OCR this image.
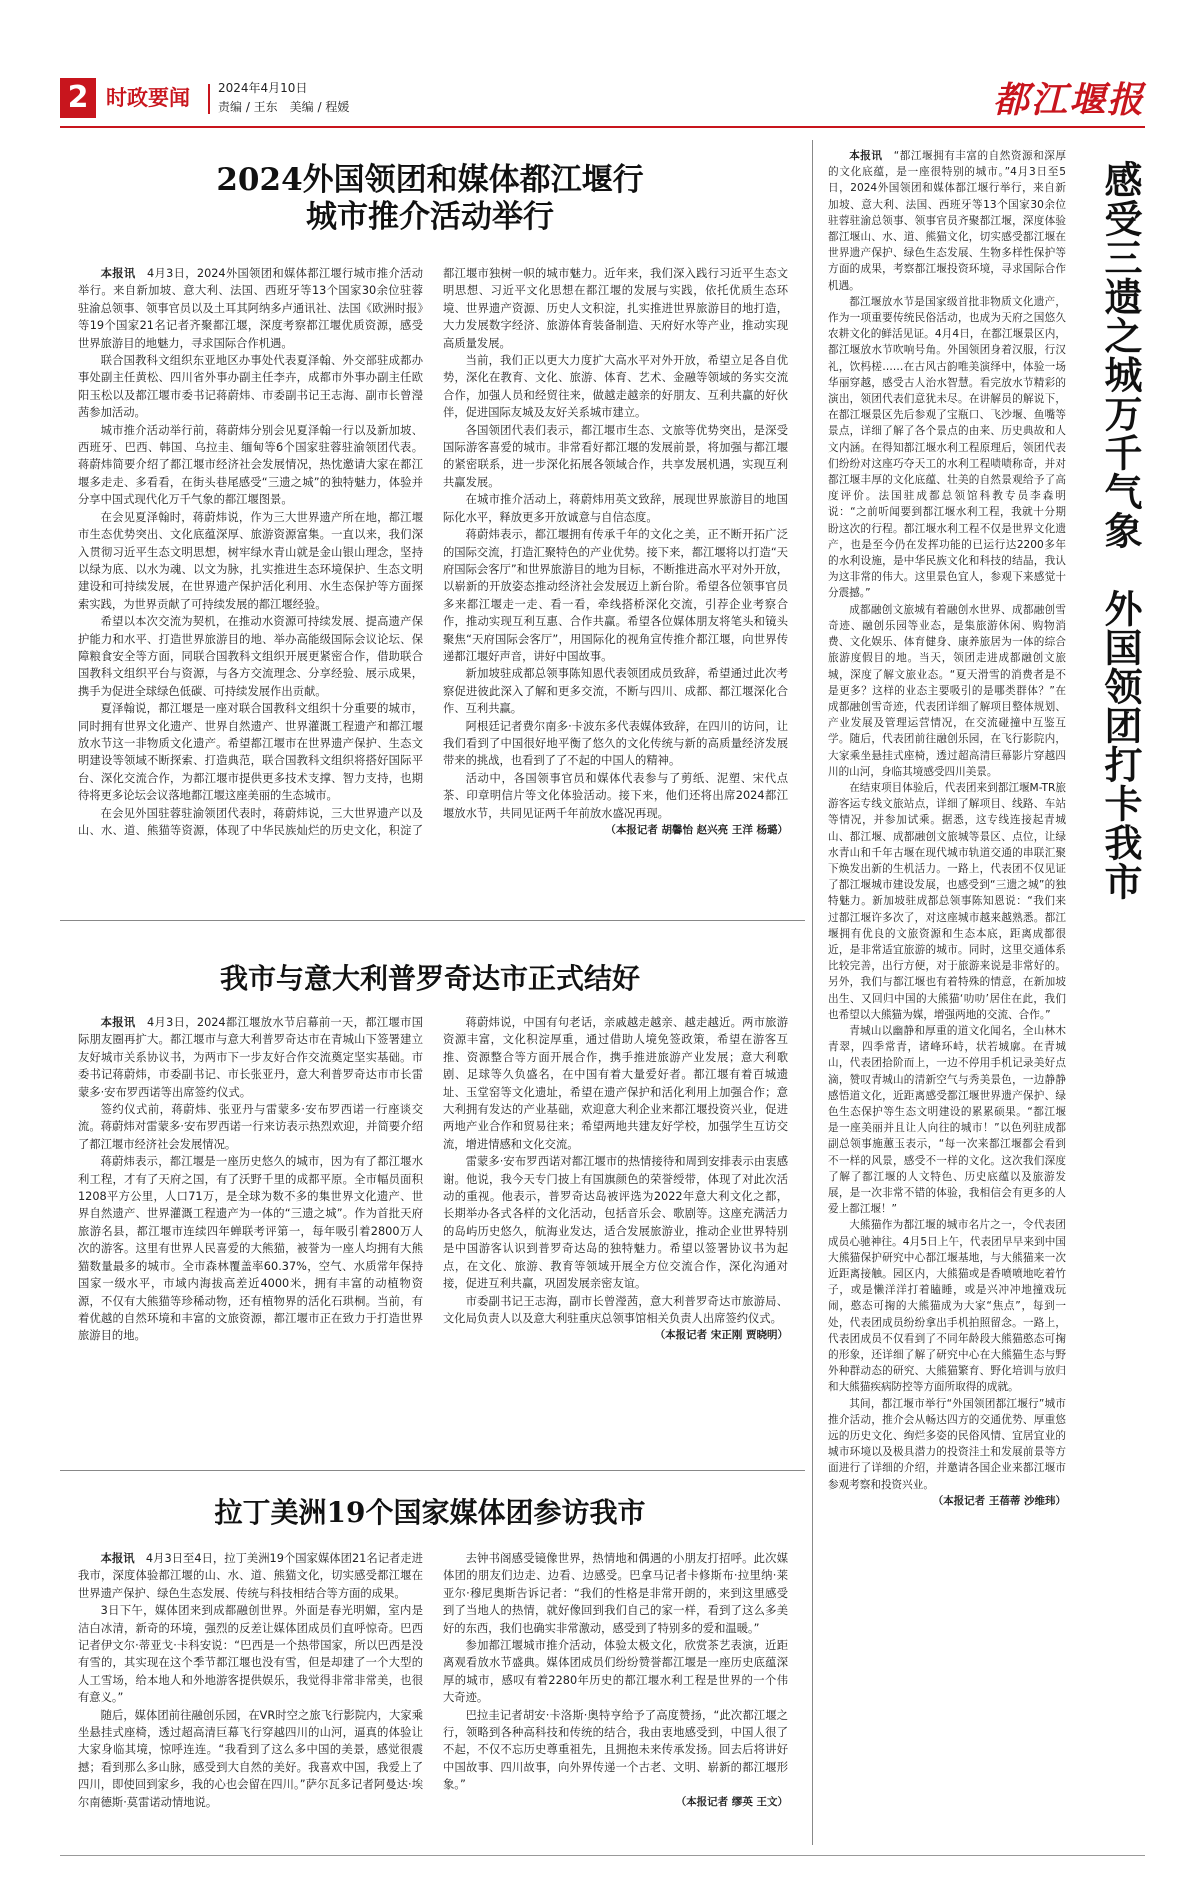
2 时政要闻 2024年4月10日
责编 / 王东　美编 / 程媛	都江堰报
2024外国领团和媒体都江堰行
城市推介活动举行

本报讯　4月3日，2024外国领团和媒体都江堰行城市推介活动举行。来自新加坡、意大利、法国、西班牙等13个国家30余位驻蓉驻渝总领事、领事官员以及土耳其阿纳多卢通讯社、法国《欧洲时报》等19个国家21名记者齐聚都江堰，深度考察都江堰优质资源，感受世界旅游目的地魅力，寻求国际合作机遇。

联合国教科文组织东亚地区办事处代表夏泽翰、外交部驻成都办事处副主任黄松、四川省外事办副主任李卉，成都市外事办副主任欧阳玉松以及都江堰市委书记蒋蔚炜、市委副书记王志海、副市长曾瀅茜参加活动。

城市推介活动举行前，蒋蔚炜分别会见夏泽翰一行以及新加坡、西班牙、巴西、韩国、乌拉圭、缅甸等6个国家驻蓉驻渝领团代表。蒋蔚炜简要介绍了都江堰市经济社会发展情况，热忱邀请大家在都江堰多走走、多看看，在街头巷尾感受“三遗之城”的独特魅力，体验并分享中国式现代化万千气象的都江堰图景。

在会见夏泽翰时，蒋蔚炜说，作为三大世界遗产所在地，都江堰市生态优势突出、文化底蕴深厚、旅游资源富集。一直以来，我们深入贯彻习近平生态文明思想，树牢绿水青山就是金山银山理念，坚持以绿为底、以水为魂、以文为脉，扎实推进生态环境保护、生态文明建设和可持续发展，在世界遗产保护活化利用、水生态保护等方面探索实践，为世界贡献了可持续发展的都江堰经验。

希望以本次交流为契机，在推动水资源可持续发展、提高遗产保护能力和水平、打造世界旅游目的地、举办高能级国际会议论坛、保障粮食安全等方面，同联合国教科文组织开展更紧密合作，借助联合国教科文组织平台与资源，与各方交流理念、分享经验、展示成果，携手为促进全球绿色低碳、可持续发展作出贡献。

夏泽翰说，都江堰是一座对联合国教科文组织十分重要的城市，同时拥有世界文化遗产、世界自然遗产、世界灌溉工程遗产和都江堰放水节这一非物质文化遗产。希望都江堰市在世界遗产保护、生态文明建设等领域不断探索、打造典范，联合国教科文组织将搭好国际平台、深化交流合作，为都江堰市提供更多技术支撑、智力支持，也期待将更多论坛会议落地都江堰这座美丽的生态城市。

在会见外国驻蓉驻渝领团代表时，蒋蔚炜说，三大世界遗产以及山、水、道、熊猫等资源，体现了中华民族灿烂的历史文化，积淀了都江堰市独树一帜的城市魅力。近年来，我们深入践行习近平生态文明思想、习近平文化思想在都江堰的发展与实践，依托优质生态环境、世界遗产资源、历史人文积淀，扎实推进世界旅游目的地打造，大力发展数字经济、旅游体育装备制造、天府好水等产业，推动实现高质量发展。

当前，我们正以更大力度扩大高水平对外开放，希望立足各自优势，深化在教育、文化、旅游、体育、艺术、金融等领域的务实交流合作，加强人员和经贸往来，做越走越亲的好朋友、互利共赢的好伙伴，促进国际友城及友好关系城市建立。

各国领团代表们表示，都江堰市生态、文旅等优势突出，是深受国际游客喜爱的城市。非常看好都江堰的发展前景，将加强与都江堰的紧密联系，进一步深化拓展各领域合作，共享发展机遇，实现互利共赢发展。

在城市推介活动上，蒋蔚炜用英文致辞，展现世界旅游目的地国际化水平，释放更多开放诚意与自信态度。

蒋蔚炜表示，都江堰拥有传承千年的文化之美，正不断开拓广泛的国际交流，打造汇聚特色的产业优势。接下来，都江堰将以打造“天府国际会客厅”和世界旅游目的地为目标，不断推进高水平对外开放，以崭新的开放姿态推动经济社会发展迈上新台阶。希望各位领事官员多来都江堰走一走、看一看，牵线搭桥深化交流，引荐企业考察合作，推动实现互利互惠、合作共赢。希望各位媒体朋友将笔头和镜头聚焦“天府国际会客厅”，用国际化的视角宣传推介都江堰，向世界传递都江堰好声音，讲好中国故事。

新加坡驻成都总领事陈知恩代表领团成员致辞，希望通过此次考察促进彼此深入了解和更多交流，不断与四川、成都、都江堰深化合作、互利共赢。

阿根廷记者费尔南多·卡波东多代表媒体致辞，在四川的访问，让我们看到了中国很好地平衡了悠久的文化传统与新的高质量经济发展带来的挑战，也看到了了不起的中国人的精神。

活动中，各国领事官员和媒体代表参与了剪纸、泥塑、宋代点茶、印章明信片等文化体验活动。接下来，他们还将出席2024都江堰放水节，共同见证两千年前放水盛况再现。

（本报记者 胡馨怡 赵兴亮 王洋 杨璐）
我市与意大利普罗奇达市正式结好

本报讯　4月3日，2024都江堰放水节启幕前一天，都江堰市国际朋友圈再扩大。都江堰市与意大利普罗奇达市在青城山下签署建立友好城市关系协议书，为两市下一步友好合作交流奠定坚实基础。市委书记蒋蔚炜，市委副书记、市长张亚丹，意大利普罗奇达市市长雷蒙多·安布罗西诺等出席签约仪式。

签约仪式前，蒋蔚炜、张亚丹与雷蒙多·安布罗西诺一行座谈交流。蒋蔚炜对雷蒙多·安布罗西诺一行来访表示热烈欢迎，并简要介绍了都江堰市经济社会发展情况。

蒋蔚炜表示，都江堰是一座历史悠久的城市，因为有了都江堰水利工程，才有了天府之国，有了沃野千里的成都平原。全市幅员面积1208平方公里，人口71万，是全球为数不多的集世界文化遗产、世界自然遗产、世界灌溉工程遗产为一体的“三遗之城”。作为首批天府旅游名县，都江堰市连续四年蝉联考评第一，每年吸引着2800万人次的游客。这里有世界人民喜爱的大熊猫，被誉为一座人均拥有大熊猫数量最多的城市。全市森林覆盖率60.37%，空气、水质常年保持国家一级水平，市域内海拔高差近4000米，拥有丰富的动植物资源，不仅有大熊猫等珍稀动物，还有植物界的活化石珙桐。当前，有着优越的自然环境和丰富的文旅资源，都江堰市正在致力于打造世界旅游目的地。

蒋蔚炜说，中国有句老话，亲戚越走越亲、越走越近。两市旅游资源丰富，文化积淀厚重，通过借助人境免签政策，希望在游客互推、资源整合等方面开展合作，携手推进旅游产业发展；意大利歌剧、足球等久负盛名，在中国有着大量爱好者。都江堰有着百城遗址、玉堂窑等文化遗址，希望在遗产保护和活化利用上加强合作；意大利拥有发达的产业基础，欢迎意大利企业来都江堰投资兴业，促进两地产业合作和贸易往来；希望两地共建友好学校，加强学生互访交流，增进情感和文化交流。

雷蒙多·安布罗西诺对都江堰市的热情接待和周到安排表示由衷感谢。他说，我今天专门披上有国旗颜色的荣誉绶带，体现了对此次活动的重视。他表示，普罗奇达岛被评选为2022年意大利文化之都，长期举办各式各样的文化活动，包括音乐会、歌剧等。这座充满活力的岛屿历史悠久，航海业发达，适合发展旅游业，推动企业世界特别是中国游客认识到普罗奇达岛的独特魅力。希望以签署协议书为起点，在文化、旅游、教育等领域开展全方位交流合作，深化沟通对接，促进互利共赢，巩固发展亲密友谊。

市委副书记王志海，副市长曾瀅茜，意大利普罗奇达市旅游局、文化局负责人以及意大利驻重庆总领事馆相关负责人出席签约仪式。

（本报记者 宋正刚 贾晓明）
拉丁美洲19个国家媒体团参访我市

本报讯　4月3日至4日，拉丁美洲19个国家媒体团21名记者走进我市，深度体验都江堰的山、水、道、熊猫文化，切实感受都江堰在世界遗产保护、绿色生态发展、传统与科技相结合等方面的成果。

3日下午，媒体团来到成都融创世界。外面是春光明媚，室内是洁白冰清，新奇的环境，强烈的反差让媒体团成员们直呼惊奇。巴西记者伊文尔·蒂亚戈·卡科安说：“巴西是一个热带国家，所以巴西是没有雪的，其实现在这个季节都江堰也没有雪，但是却建了一个大型的人工雪场，给本地人和外地游客提供娱乐，我觉得非常非常美，也很有意义。”

随后，媒体团前往融创乐园，在VR时空之旅飞行影院内，大家乘坐悬挂式座椅，透过超高清巨幕飞行穿越四川的山河，逼真的体验让大家身临其境，惊呼连连。“我看到了这么多中国的美景，感觉很震撼；看到那么多山脉，感受到大自然的美好。我喜欢中国，我爱上了四川，即使回到家乡，我的心也会留在四川。”萨尔瓦多记者阿曼达·埃尔南德斯·莫雷诺动情地说。

去钟书阁感受镜像世界，热情地和偶遇的小朋友打招呼。此次媒体团的朋友们边走、边看、边感受。巴拿马记者卡修斯布·拉里纳·莱亚尔·穆尼奥斯告诉记者：“我们的性格是非常开朗的，来到这里感受到了当地人的热情，就好像回到我们自己的家一样，看到了这么多美好的东西，我们也确实非常激动，感受到了特别多的爱和温暖。”

参加都江堰城市推介活动，体验太极文化，欣赏茶艺表演，近距离观看放水节盛典。媒体团成员们纷纷赞誉都江堰是一座历史底蕴深厚的城市，感叹有着2280年历史的都江堰水利工程是世界的一个伟大奇迹。

巴拉圭记者胡安·卡洛斯·奥特亨给予了高度赞扬，“此次都江堰之行，领略到各种高科技和传统的结合，我由衷地感受到，中国人很了不起，不仅不忘历史尊重祖先，且拥抱未来传承发扬。回去后将讲好中国故事、四川故事，向外界传递一个古老、文明、崭新的都江堰形象。”

（本报记者 缪英 王文）
感受三遗之城万千气象　外国领团打卡我市

本报讯　“都江堰拥有丰富的自然资源和深厚的文化底蕴，是一座很特别的城市。”4月3日至5日，2024外国领团和媒体都江堰行举行，来自新加坡、意大利、法国、西班牙等13个国家30余位驻蓉驻渝总领事、领事官员齐聚都江堰，深度体验都江堰山、水、道、熊猫文化，切实感受都江堰在世界遗产保护、绿色生态发展、生物多样性保护等方面的成果，考察都江堰投资环境，寻求国际合作机遇。

都江堰放水节是国家级首批非物质文化遗产，作为一项重要传统民俗活动，也成为天府之国悠久农耕文化的鲜活见证。4月4日，在都江堰景区内，都江堰放水节吹响号角。外国领团身着汉服，行汉礼，饮杩槎……在古风古韵唯美演绎中，体验一场华丽穿越，感受古人治水智慧。看完放水节精彩的演出，领团代表们意犹未尽。在讲解员的解说下，在都江堰景区先后参观了宝瓶口、飞沙堰、鱼嘴等景点，详细了解了各个景点的由来、历史典故和人文内涵。在得知都江堰水利工程原理后，领团代表们纷纷对这座巧夺天工的水利工程啧啧称奇，并对都江堰丰厚的文化底蕴、壮美的自然景观给予了高度评价。法国驻成都总领馆科教专员李森明说：“之前听闻要到都江堰水利工程，我就十分期盼这次的行程。都江堰水利工程不仅是世界文化遗产，也是至今仍在发挥功能的已运行达2200多年的水利设施，是中华民族文化和科技的结晶，我认为这非常的伟大。这里景色宜人，参观下来感觉十分震撼。”

成都融创文旅城有着融创水世界、成都融创雪奇迹、融创乐园等业态，是集旅游休闲、购物消费、文化娱乐、体育健身、康养旅居为一体的综合旅游度假目的地。当天，领团走进成都融创文旅城，深度了解文旅业态。“夏天滑雪的消费者是不是更多？这样的业态主要吸引的是哪类群体？”在成都融创雪奇迹，代表团详细了解项目整体规划、产业发展及管理运营情况，在交流碰撞中互鉴互学。随后，代表团前往融创乐园，在飞行影院内，大家乘坐悬挂式座椅，透过超高清巨幕影片穿越四川的山河，身临其境感受四川美景。

在结束项目体验后，代表团来到都江堰M-TR旅游客运专线文旅站点，详细了解项目、线路、车站等情况，并参加试乘。据悉，这专线连接起青城山、都江堰、成都融创文旅城等景区、点位，让绿水青山和千年古堰在现代城市轨道交通的串联汇聚下焕发出新的生机活力。一路上，代表团不仅见证了都江堰城市建设发展，也感受到“三遗之城”的独特魅力。新加坡驻成都总领事陈知恩说：“我们来过都江堰许多次了，对这座城市越来越熟悉。都江堰拥有优良的文旅资源和生态本底，距离成都很近，是非常适宜旅游的城市。同时，这里交通体系比较完善，出行方便，对于旅游来说是非常好的。另外，我们与都江堰也有着特殊的情意，在新加坡出生、又回归中国的大熊猫‘叻叻’居住在此，我们也希望以大熊猫为媒，增强两地的交流、合作。”

青城山以幽静和厚重的道文化闻名，全山林木青翠，四季常青，诸峰环峙，状若城廓。在青城山，代表团拾阶而上，一边不停用手机记录美好点滴，赞叹青城山的清新空气与秀美景色，一边静静感悟道文化，近距离感受都江堰世界遗产保护、绿色生态保护等生态文明建设的累累硕果。“都江堰是一座美丽并且让人向往的城市！”以色列驻成都副总领事施蕙玉表示，“每一次来都江堰都会看到不一样的风景，感受不一样的文化。这次我们深度了解了都江堰的人文特色、历史底蕴以及旅游发展，是一次非常不错的体验，我相信会有更多的人爱上都江堰！”

大熊猫作为都江堰的城市名片之一，令代表团成员心驰神往。4月5日上午，代表团早早来到中国大熊猫保护研究中心都江堰基地，与大熊猫来一次近距离接触。园区内，大熊猫或是香喷喷地吃着竹子，或是懒洋洋打着瞌睡，或是兴冲冲地撞戏玩闹，憨态可掬的大熊猫成为大家“焦点”，每到一处，代表团成员纷纷拿出手机拍照留念。一路上，代表团成员不仅看到了不同年龄段大熊猫憨态可掬的形象，还详细了解了研究中心在大熊猫生态与野外种群动态的研究、大熊猫繁育、野化培训与放归和大熊猫疾病防控等方面所取得的成就。

其间，都江堰市举行“外国领团都江堰行”城市推介活动，推介会从畅达四方的交通优势、厚重悠远的历史文化、绚烂多姿的民俗风情、宜居宜业的城市环境以及极具潜力的投资洼土和发展前景等方面进行了详细的介绍，并邀请各国企业来都江堰市参观考察和投资兴业。

（本报记者 王蓓蒂 沙维玮）
